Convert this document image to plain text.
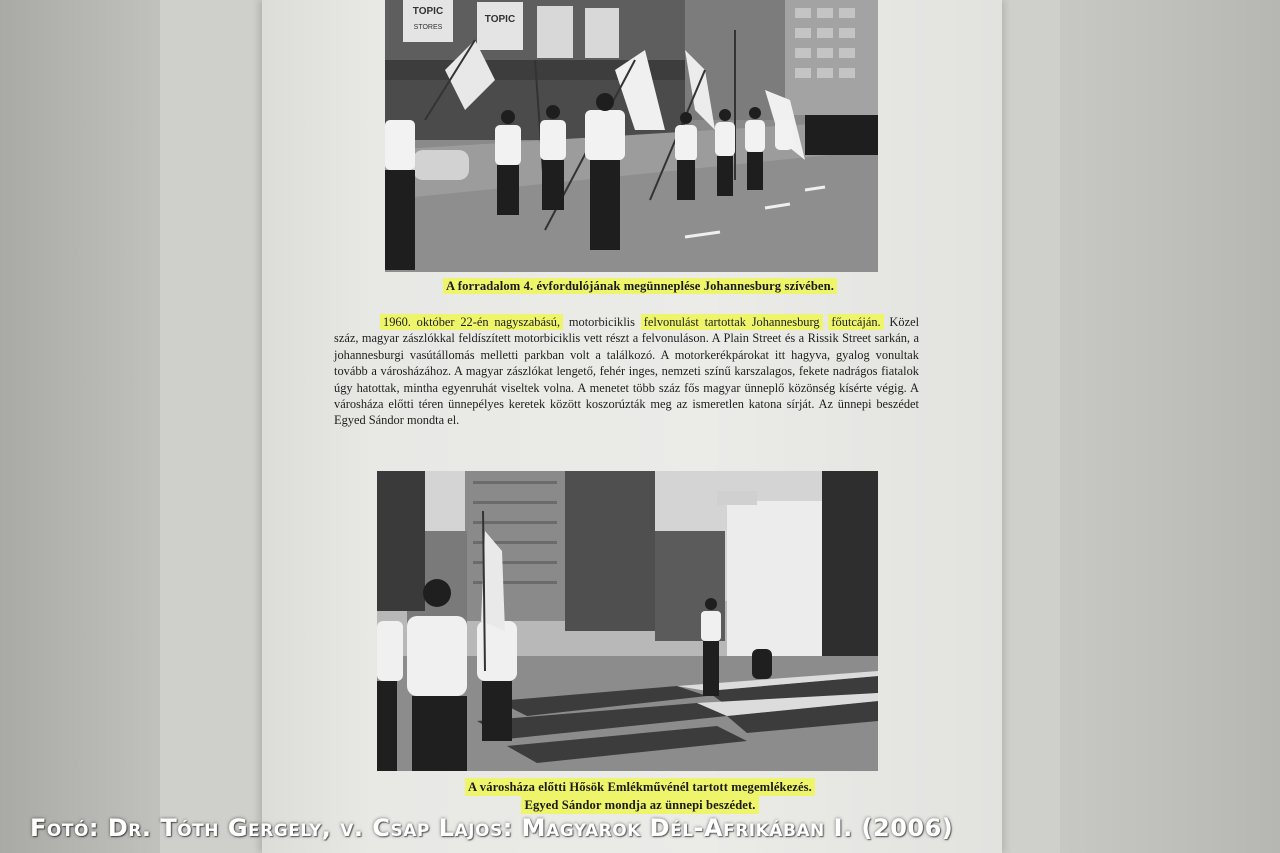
TOPIC
STORES
TOPIC
A forradalom 4. évfordulójának megünneplése Johannesburg szívében.
1960. október 22-én nagyszabású, motorbiciklis felvonulást tartottak Johannesburg főutcáján. Közel száz, magyar zászlókkal feldíszített motorbiciklis vett részt a felvonuláson. A Plain Street és a Rissik Street sarkán, a johannesburgi vasútállomás melletti parkban volt a találkozó. A motorkerékpárokat itt hagyva, gyalog vonultak tovább a városházához. A magyar zászlókat lengető, fehér inges, nemzeti színű karszalagos, fekete nadrágos fiatalok úgy hatottak, mintha egyenruhát viseltek volna. A menetet több száz fős magyar ünneplő közönség kísérte végig. A városháza előtti téren ünnepélyes keretek között koszorúzták meg az ismeretlen katona sírját. Az ünnepi beszédet Egyed Sándor mondta el.
A városháza előtti Hősök Emlékművénél tartott megemlékezés.
Egyed Sándor mondja az ünnepi beszédet.
Fotó: Dr. Tóth Gergely, v. Csap Lajos: Magyarok Dél-Afrikában I. (2006)
